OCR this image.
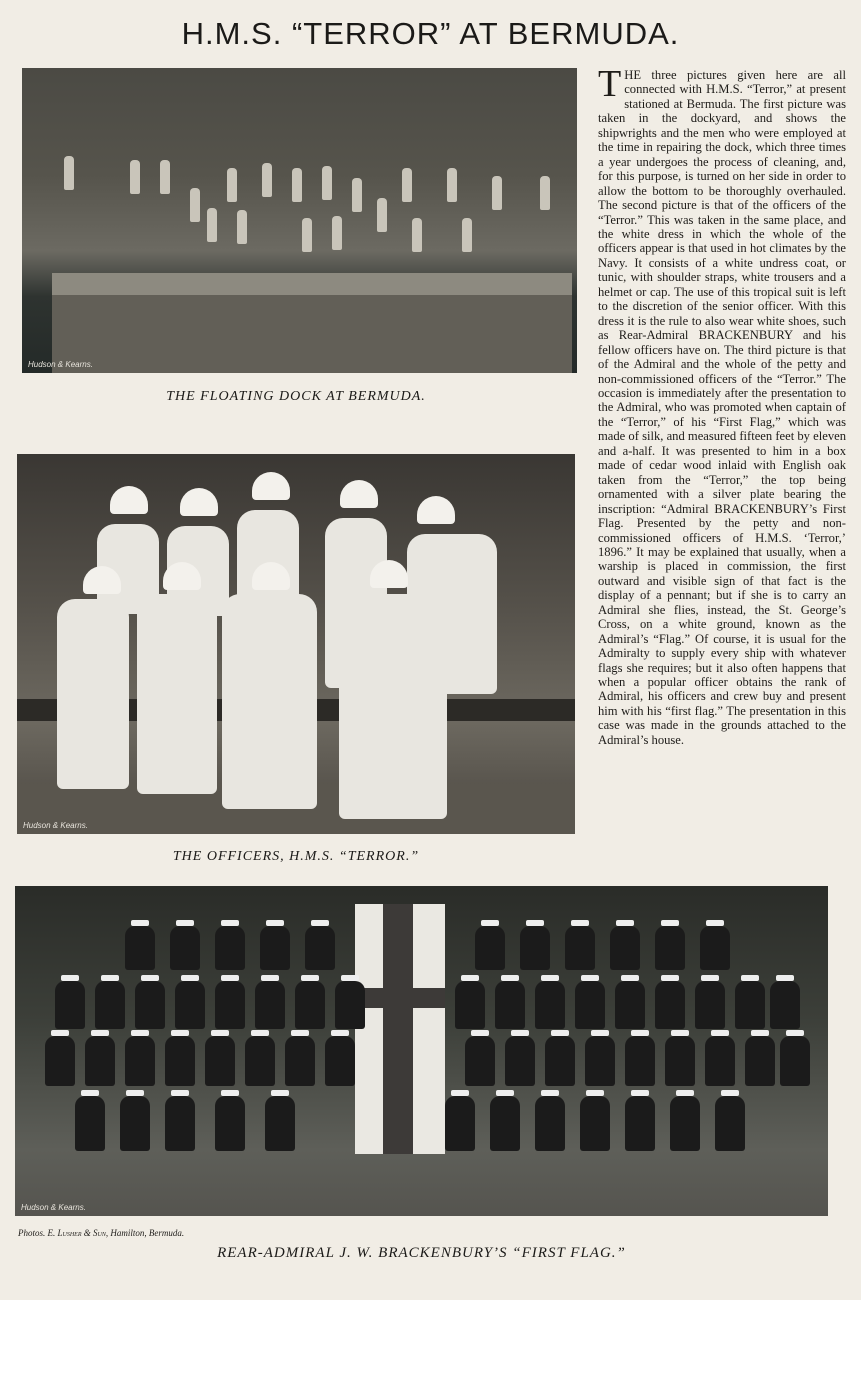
H.M.S. “TERROR” AT BERMUDA.
Hudson & Kearns.
THE FLOATING DOCK AT BERMUDA.
Hudson & Kearns.
THE OFFICERS, H.M.S. “TERROR.”
Hudson & Kearns.
Photos. E. Lusher & Sun, Hamilton, Bermuda.
REAR-ADMIRAL J. W. BRACKENBURY’S “FIRST FLAG.”
THE three pictures given here are all connected with H.M.S. “Terror,” at present stationed at Bermuda. The first picture was taken in the dockyard, and shows the shipwrights and the men who were employed at the time in repairing the dock, which three times a year undergoes the process of cleaning, and, for this purpose, is turned on her side in order to allow the bottom to be thoroughly overhauled. The second picture is that of the officers of the “Terror.” This was taken in the same place, and the white dress in which the whole of the officers appear is that used in hot climates by the Navy. It consists of a white undress coat, or tunic, with shoulder straps, white trousers and a helmet or cap. The use of this tropical suit is left to the discretion of the senior officer. With this dress it is the rule to also wear white shoes, such as Rear-Admiral BRACKENBURY and his fellow officers have on. The third picture is that of the Admiral and the whole of the petty and non-commissioned officers of the “Terror.” The occasion is immediately after the presentation to the Admiral, who was promoted when captain of the “Terror,” of his “First Flag,” which was made of silk, and measured fifteen feet by eleven and a-half. It was presented to him in a box made of cedar wood inlaid with English oak taken from the “Terror,” the top being ornamented with a silver plate bearing the inscription: “Admiral BRACKENBURY’s First Flag. Presented by the petty and non-commissioned officers of H.M.S. ‘Terror,’ 1896.” It may be explained that usually, when a warship is placed in commission, the first outward and visible sign of that fact is the display of a pennant; but if she is to carry an Admiral she flies, instead, the St. George’s Cross, on a white ground, known as the Admiral’s “Flag.” Of course, it is usual for the Admiralty to supply every ship with whatever flags she requires; but it also often happens that when a popular officer obtains the rank of Admiral, his officers and crew buy and present him with his “first flag.” The presentation in this case was made in the grounds attached to the Admiral’s house.
